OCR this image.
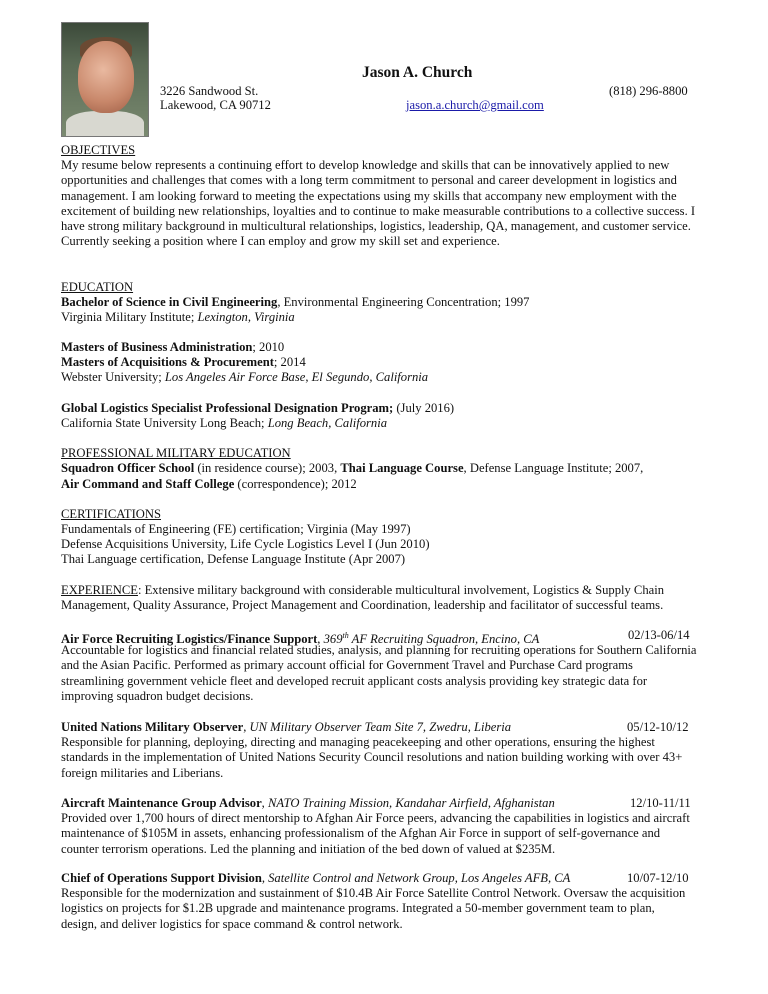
Jason A. Church
3226 Sandwood St.
Lakewood, CA 90712
(818) 296-8800
jason.a.church@gmail.com
OBJECTIVES
My resume below represents a continuing effort to develop knowledge and skills that can be innovatively applied to new opportunities and challenges that comes with a long term commitment to personal and career development in logistics and management. I am looking forward to meeting the expectations using my skills that accompany new employment with the excitement of building new relationships, loyalties and to continue to make measurable contributions to a collective success. I have strong military background in multicultural relationships, logistics, leadership, QA, management, and customer service. Currently seeking a position where I can employ and grow my skill set and experience.
EDUCATION
Bachelor of Science in Civil Engineering, Environmental Engineering Concentration; 1997
Virginia Military Institute; Lexington, Virginia
Masters of Business Administration; 2010
Masters of Acquisitions & Procurement; 2014
Webster University; Los Angeles Air Force Base, El Segundo, California
Global Logistics Specialist Professional Designation Program; (July 2016)
California State University Long Beach; Long Beach, California
PROFESSIONAL MILITARY EDUCATION
Squadron Officer School (in residence course); 2003, Thai Language Course, Defense Language Institute; 2007,
Air Command and Staff College (correspondence); 2012
CERTIFICATIONS
Fundamentals of Engineering (FE) certification; Virginia (May 1997)
Defense Acquisitions University, Life Cycle Logistics Level I (Jun 2010)
Thai Language certification, Defense Language Institute (Apr 2007)
EXPERIENCE: Extensive military background with considerable multicultural involvement, Logistics & Supply Chain Management, Quality Assurance, Project Management and Coordination, leadership and facilitator of successful teams.
Air Force Recruiting Logistics/Finance Support, 369th AF Recruiting Squadron, Encino, CA	02/13-06/14
Accountable for logistics and financial related studies, analysis, and planning for recruiting operations for Southern California and the Asian Pacific. Performed as primary account official for Government Travel and Purchase Card programs streamlining government vehicle fleet and developed recruit applicant costs analysis providing key strategic data for improving squadron budget decisions.
United Nations Military Observer, UN Military Observer Team Site 7, Zwedru, Liberia	05/12-10/12
Responsible for planning, deploying, directing and managing peacekeeping and other operations, ensuring the highest standards in the implementation of United Nations Security Council resolutions and nation building working with over 43+ foreign militaries and Liberians.
Aircraft Maintenance Group Advisor, NATO Training Mission, Kandahar Airfield, Afghanistan	12/10-11/11
Provided over 1,700 hours of direct mentorship to Afghan Air Force peers, advancing the capabilities in logistics and aircraft maintenance of $105M in assets, enhancing professionalism of the Afghan Air Force in support of self-governance and counter terrorism operations. Led the planning and initiation of the bed down of valued at $235M.
Chief of Operations Support Division, Satellite Control and Network Group, Los Angeles AFB, CA	10/07-12/10
Responsible for the modernization and sustainment of $10.4B Air Force Satellite Control Network. Oversaw the acquisition logistics on projects for $1.2B upgrade and maintenance programs. Integrated a 50-member government team to plan, design, and deliver logistics for space command & control network.
